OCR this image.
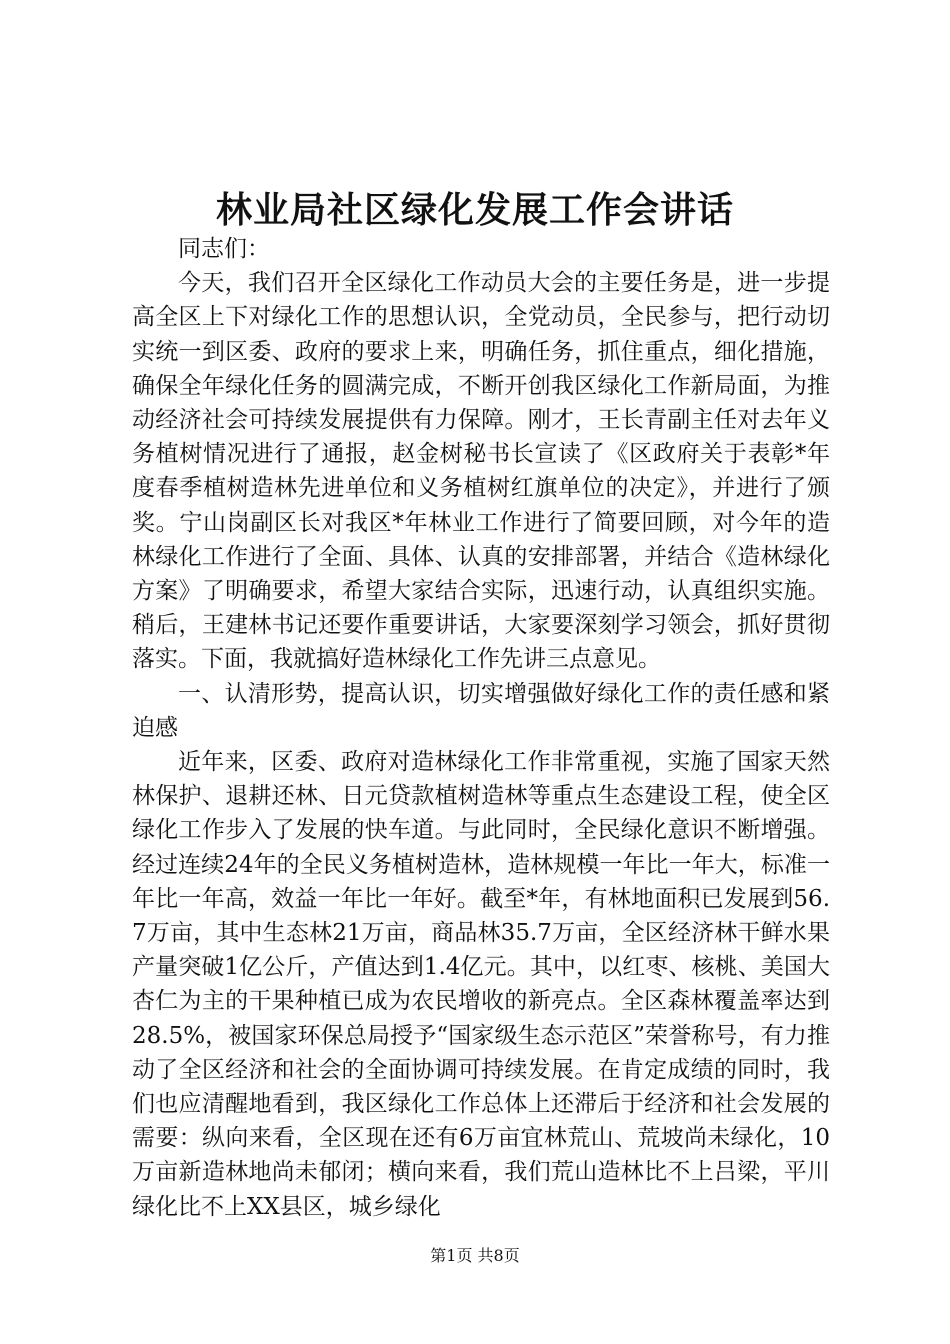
林业局社区绿化发展工作会讲话

同志们：

今天，我们召开全区绿化工作动员大会的主要任务是，进一步提高全区上下对绿化工作的思想认识，全党动员，全民参与，把行动切实统一到区委、政府的要求上来，明确任务，抓住重点，细化措施，确保全年绿化任务的圆满完成，不断开创我区绿化工作新局面，为推动经济社会可持续发展提供有力保障。刚才，王长青副主任对去年义务植树情况进行了通报，赵金树秘书长宣读了《区政府关于表彰*年度春季植树造林先进单位和义务植树红旗单位的决定》，并进行了颁奖。宁山岗副区长对我区*年林业工作进行了简要回顾，对今年的造林绿化工作进行了全面、具体、认真的安排部署，并结合《造林绿化方案》了明确要求，希望大家结合实际，迅速行动，认真组织实施。稍后，王建林书记还要作重要讲话，大家要深刻学习领会，抓好贯彻落实。下面，我就搞好造林绿化工作先讲三点意见。

一、认清形势，提高认识，切实增强做好绿化工作的责任感和紧迫感

近年来，区委、政府对造林绿化工作非常重视，实施了国家天然林保护、退耕还林、日元贷款植树造林等重点生态建设工程，使全区绿化工作步入了发展的快车道。与此同时，全民绿化意识不断增强。经过连续24年的全民义务植树造林，造林规模一年比一年大，标准一年比一年高，效益一年比一年好。截至*年，有林地面积已发展到56.7万亩，其中生态林21万亩，商品林35.7万亩，全区经济林干鲜水果产量突破1亿公斤，产值达到1.4亿元。其中，以红枣、核桃、美国大杏仁为主的干果种植已成为农民增收的新亮点。全区森林覆盖率达到28.5%，被国家环保总局授予“国家级生态示范区”荣誉称号，有力推动了全区经济和社会的全面协调可持续发展。在肯定成绩的同时，我们也应清醒地看到，我区绿化工作总体上还滞后于经济和社会发展的需要：纵向来看，全区现在还有6万亩宜林荒山、荒坡尚未绿化，10万亩新造林地尚未郁闭；横向来看，我们荒山造林比不上吕梁，平川绿化比不上XX县区，城乡绿化

第1页 共8页
